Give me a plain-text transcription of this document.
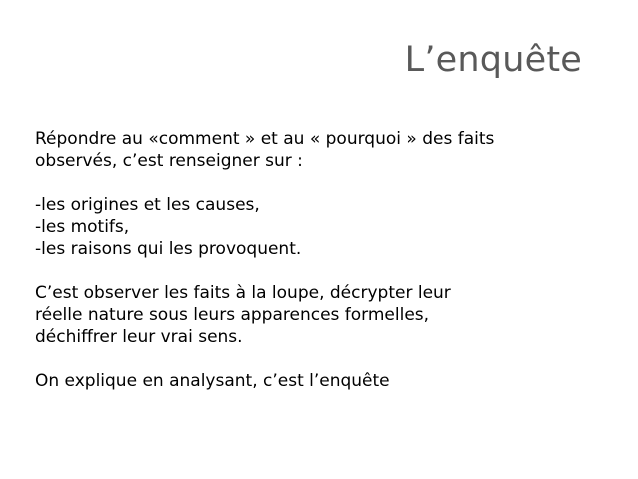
L’enquête

Répondre au «comment » et au « pourquoi » des faits
observés, c’est renseigner sur :

-les origines et les causes,
-les motifs,
-les raisons qui les provoquent.

C’est observer les faits à la loupe, décrypter leur
réelle nature sous leurs apparences formelles,
déchiffrer leur vrai sens.

On explique en analysant, c’est l’enquête
